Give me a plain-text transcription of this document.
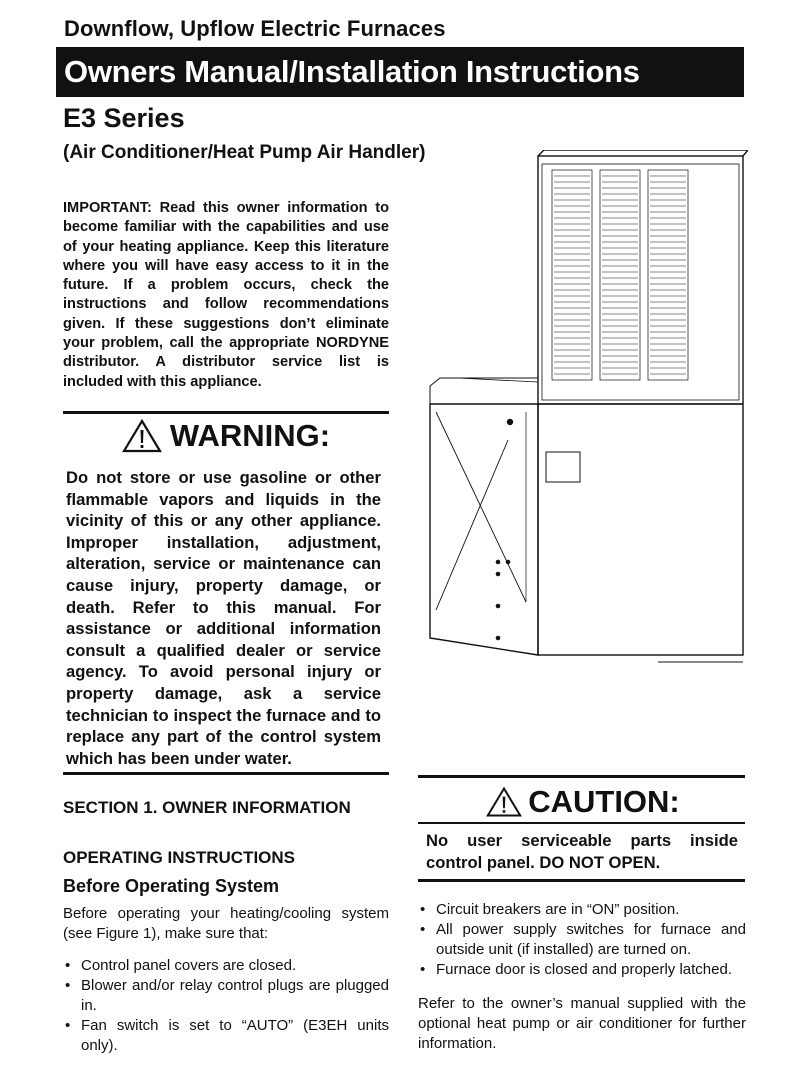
Downflow, Upflow Electric Furnaces
Owners Manual/Installation Instructions
E3 Series
(Air Conditioner/Heat Pump Air Handler)
IMPORTANT: Read this owner information to become familiar with the capabilities and use of your heating appliance. Keep this literature where you will have easy access to it in the future. If a problem occurs, check the instructions and follow recommendations given. If these suggestions don’t eliminate your problem, call the appropriate NORDYNE distributor. A distributor service list is included with this appliance.
WARNING:
Do not store or use gasoline or other flammable vapors and liquids in the vicinity of this or any other appliance. Improper installation, adjustment, alteration, service or maintenance can cause injury, property damage, or death. Refer to this manual. For assistance or additional information consult a qualified dealer or service agency. To avoid personal injury or property damage, ask a service technician to inspect the furnace and to replace any part of the control system which has been under water.
SECTION 1. OWNER INFORMATION
OPERATING INSTRUCTIONS
Before Operating System
Before operating your heating/cooling system (see Figure 1), make sure that:
• Control panel covers are closed.
• Blower and/or relay control plugs are plugged in.
• Fan switch is set to “AUTO” (E3EH units only).
CAUTION:
No user serviceable parts inside control panel. DO NOT OPEN.
• Circuit breakers are in “ON” position.
• All power supply switches for furnace and outside unit (if installed) are turned on.
• Furnace door is closed and properly latched.
Refer to the owner’s manual supplied with the optional heat pump or air conditioner for further information.
